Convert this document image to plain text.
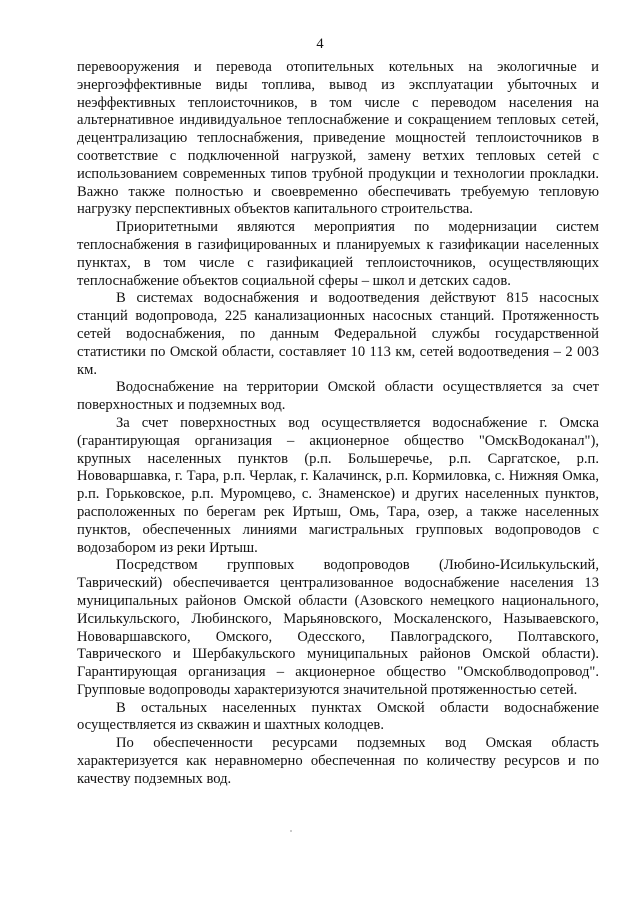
4

перевооружения и перевода отопительных котельных на экологичные и энергоэффективные виды топлива, вывод из эксплуатации убыточных и неэффективных теплоисточников, в том числе с переводом населения на альтернативное индивидуальное теплоснабжение и сокращением тепловых сетей, децентрализацию теплоснабжения, приведение мощностей теплоисточников в соответствие с подключенной нагрузкой, замену ветхих тепловых сетей с использованием современных типов трубной продукции и технологии прокладки. Важно также полностью и своевременно обеспечивать требуемую тепловую нагрузку перспективных объектов капитального строительства.

Приоритетными являются мероприятия по модернизации систем теплоснабжения в газифицированных и планируемых к газификации населенных пунктах, в том числе с газификацией теплоисточников, осуществляющих теплоснабжение объектов социальной сферы – школ и детских садов.

В системах водоснабжения и водоотведения действуют 815 насосных станций водопровода, 225 канализационных насосных станций. Протяженность сетей водоснабжения, по данным Федеральной службы государственной статистики по Омской области, составляет 10 113 км, сетей водоотведения – 2 003 км.

Водоснабжение на территории Омской области осуществляется за счет поверхностных и подземных вод.

За счет поверхностных вод осуществляется водоснабжение г. Омска (гарантирующая организация – акционерное общество "ОмскВодоканал"), крупных населенных пунктов (р.п. Большеречье, р.п. Саргатское, р.п. Нововаршавка, г. Тара, р.п. Черлак, г. Калачинск, р.п. Кормиловка, с. Нижняя Омка, р.п. Горьковское, р.п. Муромцево, с. Знаменское) и других населенных пунктов, расположенных по берегам рек Иртыш, Омь, Тара, озер, а также населенных пунктов, обеспеченных линиями магистральных групповых водопроводов с водозабором из реки Иртыш.

Посредством групповых водопроводов (Любино-Исилькульский, Таврический) обеспечивается централизованное водоснабжение населения 13 муниципальных районов Омской области (Азовского немецкого национального, Исилькульского, Любинского, Марьяновского, Москаленского, Называевского, Нововаршавского, Омского, Одесского, Павлоградского, Полтавского, Таврического и Шербакульского муниципальных районов Омской области). Гарантирующая организация – акционерное общество "Омскоблводопровод". Групповые водопроводы характеризуются значительной протяженностью сетей.

В остальных населенных пунктах Омской области водоснабжение осуществляется из скважин и шахтных колодцев.

По обеспеченности ресурсами подземных вод Омская область характеризуется как неравномерно обеспеченная по количеству ресурсов и по качеству подземных вод.
